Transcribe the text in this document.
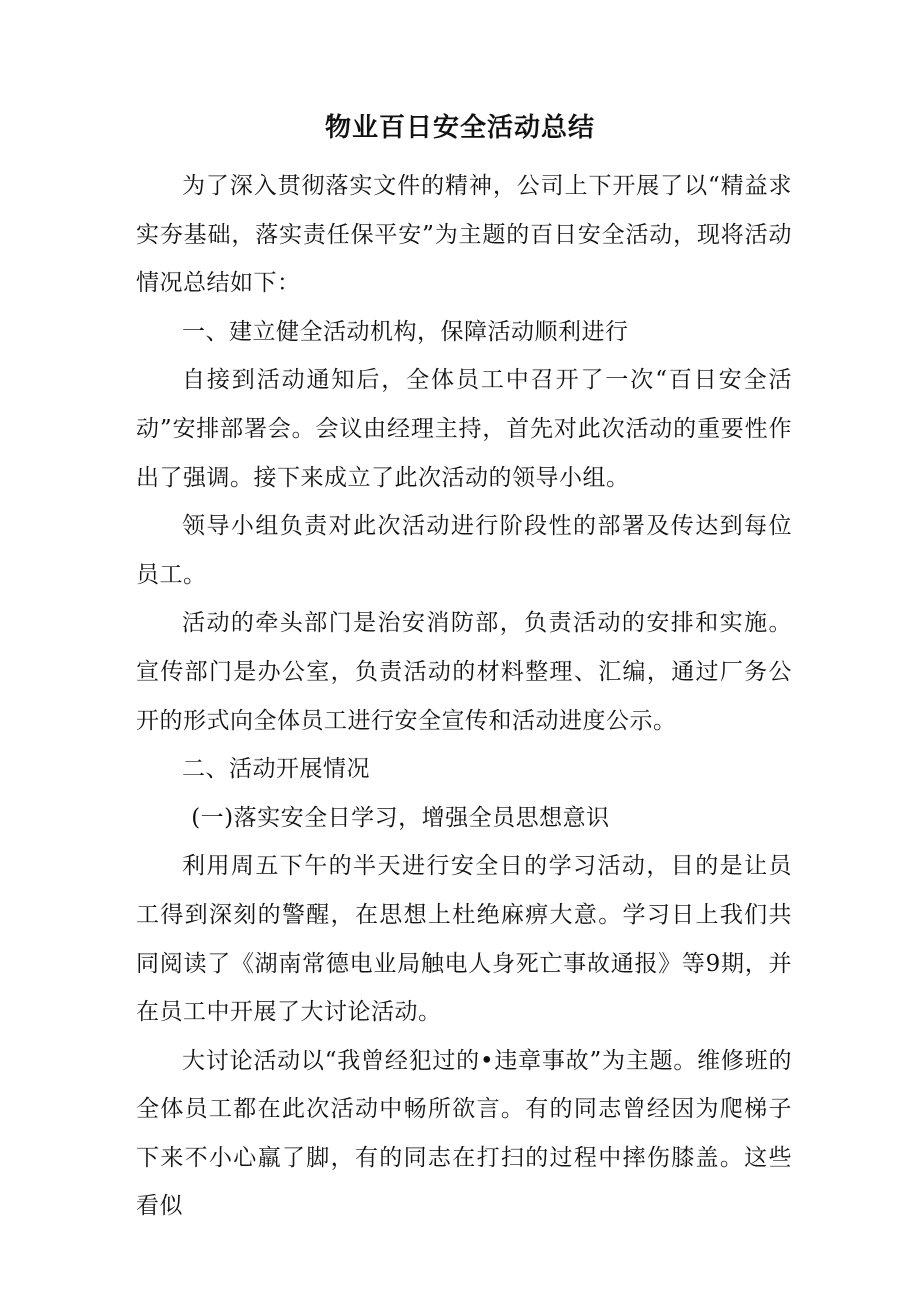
物业百日安全活动总结

为了深入贯彻落实文件的精神，公司上下开展了以“精益求实夯基础，落实责任保平安”为主题的百日安全活动，现将活动情况总结如下：

一、建立健全活动机构，保障活动顺利进行

自接到活动通知后，全体员工中召开了一次“百日安全活动”安排部署会。会议由经理主持，首先对此次活动的重要性作出了强调。接下来成立了此次活动的领导小组。

领导小组负责对此次活动进行阶段性的部署及传达到每位员工。

活动的牵头部门是治安消防部，负责活动的安排和实施。宣传部门是办公室，负责活动的材料整理、汇编，通过厂务公开的形式向全体员工进行安全宣传和活动进度公示。

二、活动开展情况

(一)落实安全日学习，增强全员思想意识

利用周五下午的半天进行安全日的学习活动，目的是让员工得到深刻的警醒，在思想上杜绝麻痹大意。学习日上我们共同阅读了《湖南常德电业局触电人身死亡事故通报》等9期，并在员工中开展了大讨论活动。

大讨论活动以“我曾经犯过的•违章事故”为主题。维修班的全体员工都在此次活动中畅所欲言。有的同志曾经因为爬梯子下来不小心羸了脚，有的同志在打扫的过程中摔伤膝盖。这些看似
